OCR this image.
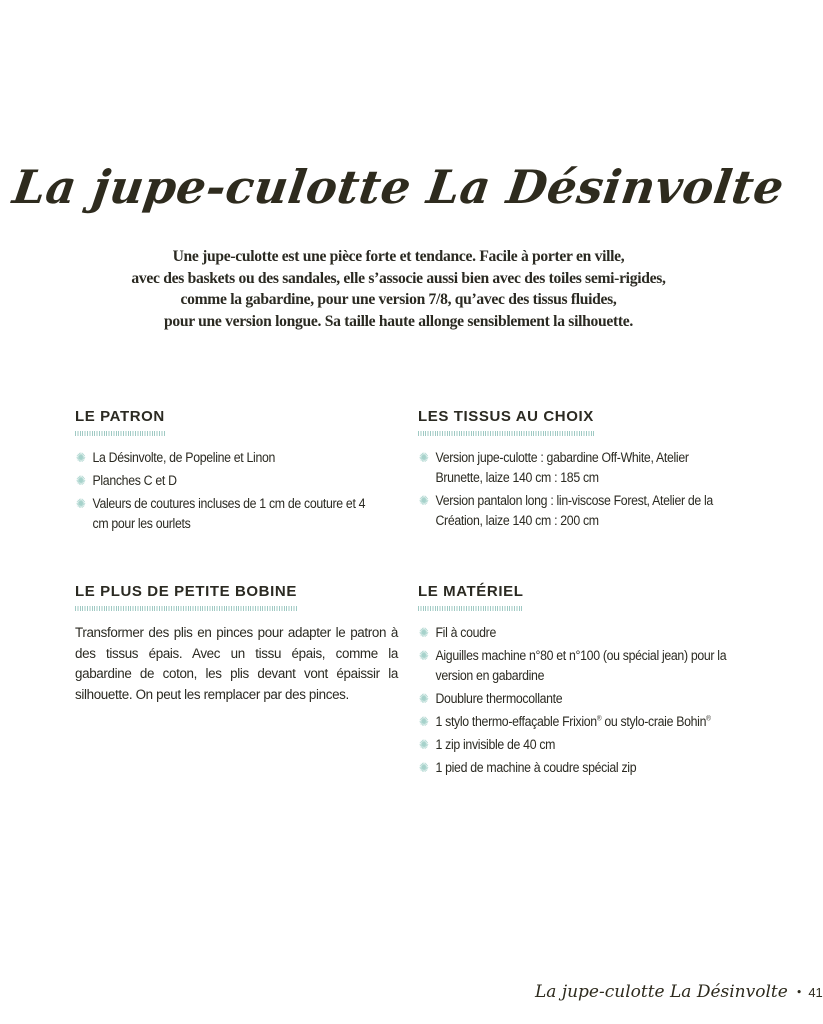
La jupe-culotte La Désinvolte
Une jupe-culotte est une pièce forte et tendance. Facile à porter en ville,
avec des baskets ou des sandales, elle s’associe aussi bien avec des toiles semi-rigides,
comme la gabardine, pour une version 7/8, qu’avec des tissus fluides,
pour une version longue. Sa taille haute allonge sensiblement la silhouette.
LE PATRON
✺ La Désinvolte, de Popeline et Linon
✺ Planches C et D
✺ Valeurs de coutures incluses de 1 cm de couture et 4 cm pour les ourlets
LES TISSUS AU CHOIX
✺ Version jupe-culotte : gabardine Off-White, Atelier Brunette, laize 140 cm : 185 cm
✺ Version pantalon long : lin-viscose Forest, Atelier de la Création, laize 140 cm : 200 cm
LE PLUS DE PETITE BOBINE

Transformer des plis en pinces pour adapter le patron à des tissus épais. Avec un tissu épais, comme la gabardine de coton, les plis devant vont épaissir la silhouette. On peut les remplacer par des pinces.

LE MATÉRIEL
✺ Fil à coudre
✺ Aiguilles machine n°80 et n°100 (ou spécial jean) pour la version en gabardine
✺ Doublure thermocollante
✺ 1 stylo thermo-effaçable Frixion® ou stylo-craie Bohin®
✺ 1 zip invisible de 40 cm
✺ 1 pied de machine à coudre spécial zip
La jupe-culotte La Désinvolte • 41
